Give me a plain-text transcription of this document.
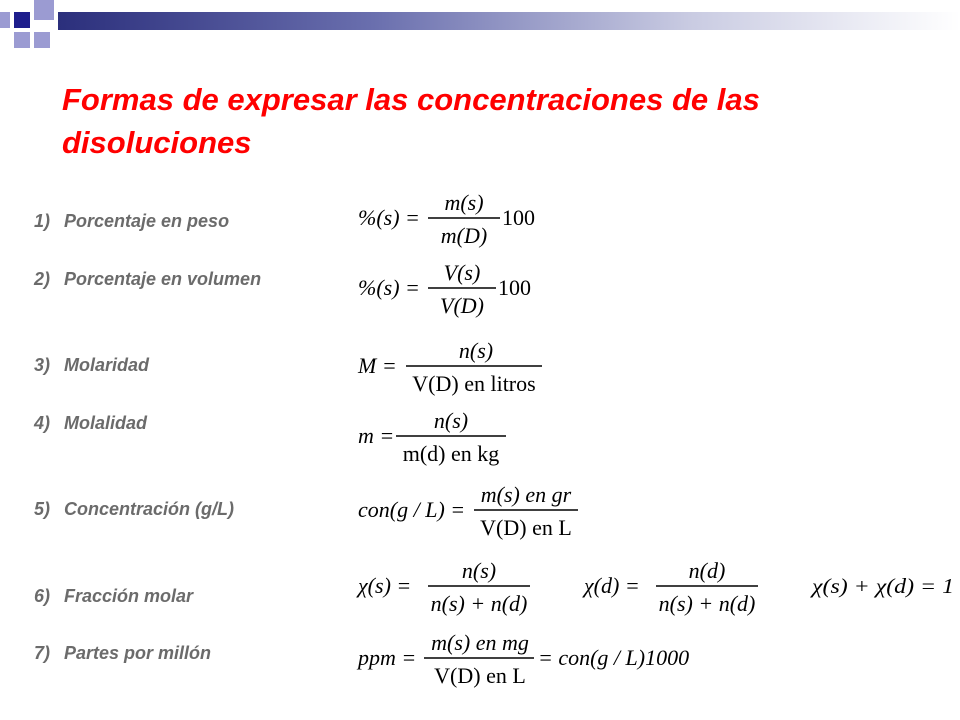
Formas de expresar las concentraciones de las disoluciones
1) Porcentaje en peso
2) Porcentaje en volumen
3) Molaridad
4) Molalidad
5) Concentración (g/L)
6) Fracción molar
7) Partes por millón
%(s) =
m(s)
m(D)
100
%(s) =
V(s)
V(D)
100
M =
n(s)
V(D) en litros
m =
n(s)
m(d) en kg
con(g / L) =
m(s) en gr
V(D) en L
χ(s) =
n(s)
n(s) + n(d)
χ(d) =
n(d)
n(s) + n(d)
χ(s) + χ(d) = 1
ppm =
m(s) en mg
V(D) en L
= con(g / L)1000
